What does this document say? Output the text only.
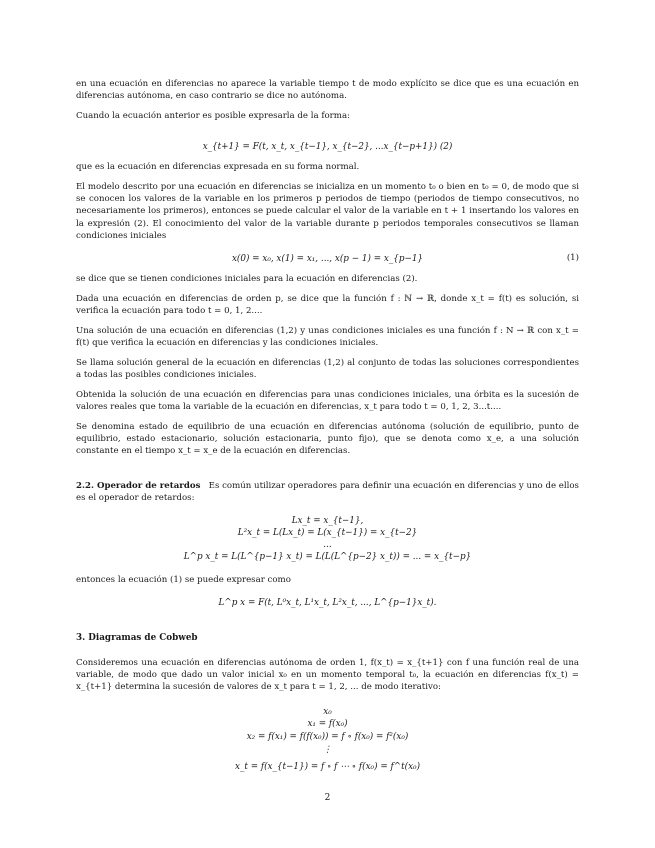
en una ecuación en diferencias no aparece la variable tiempo t de modo explícito se dice que es una ecuación en diferencias autónoma, en caso contrario se dice no autónoma.

Cuando la ecuación anterior es posible expresarla de la forma:

x_{t+1} = F(t, x_t, x_{t−1}, x_{t−2}, ...x_{t−p+1}) (2)

que es la ecuación en diferencias expresada en su forma normal.

El modelo descrito por una ecuación en diferencias se inicializa en un momento t₀ o bien en t₀ = 0, de modo que si se conocen los valores de la variable en los primeros p periodos de tiempo (periodos de tiempo consecutivos, no necesariamente los primeros), entonces se puede calcular el valor de la variable en t + 1 insertando los valores en la expresión (2). El conocimiento del valor de la variable durante p periodos temporales consecutivos se llaman condiciones iniciales

x(0) = x₀, x(1) = x₁, ..., x(p − 1) = x_{p−1}	(1)

se dice que se tienen condiciones iniciales para la ecuación en diferencias (2).

Dada una ecuación en diferencias de orden p, se dice que la función f : ℕ → ℝ, donde x_t = f(t) es solución, si verifica la ecuación para todo t = 0, 1, 2....

Una solución de una ecuación en diferencias (1,2) y unas condiciones iniciales es una función f : N → ℝ con x_t = f(t) que verifica la ecuación en diferencias y las condiciones iniciales.

Se llama solución general de la ecuación en diferencias (1,2) al conjunto de todas las soluciones correspondientes a todas las posibles condiciones iniciales.

Obtenida la solución de una ecuación en diferencias para unas condiciones iniciales, una órbita es la sucesión de valores reales que toma la variable de la ecuación en diferencias, x_t para todo t = 0, 1, 2, 3...t....

Se denomina estado de equilibrio de una ecuación en diferencias autónoma (solución de equilibrio, punto de equilibrio, estado estacionario, solución estacionaria, punto fijo), que se denota como x_e, a una solución constante en el tiempo x_t = x_e de la ecuación en diferencias.

2.2. Operador de retardos Es común utilizar operadores para definir una ecuación en diferencias y uno de ellos es el operador de retardos:

Lx_t = x_{t−1},

L²x_t = L(Lx_t) = L(x_{t−1}) = x_{t−2}

...

L^p x_t = L(L^{p−1} x_t) = L(L(L^{p−2} x_t)) = ... = x_{t−p}

entonces la ecuación (1) se puede expresar como

L^p x = F(t, L⁰x_t, L¹x_t, L²x_t, ..., L^{p−1}x_t).

3. Diagramas de Cobweb

Consideremos una ecuación en diferencias autónoma de orden 1, f(x_t) = x_{t+1} con f una función real de una variable, de modo que dado un valor inicial x₀ en un momento temporal t₀, la ecuación en diferencias f(x_t) = x_{t+1} determina la sucesión de valores de x_t para t = 1, 2, ... de modo iterativo:

x₀

x₁ = f(x₀)

x₂ = f(x₁) = f(f(x₀)) = f ∘ f(x₀) = f²(x₀)

⋮

x_t = f(x_{t−1}) = f ∘ f ⋯ ∘ f(x₀) = f^t(x₀)

2
